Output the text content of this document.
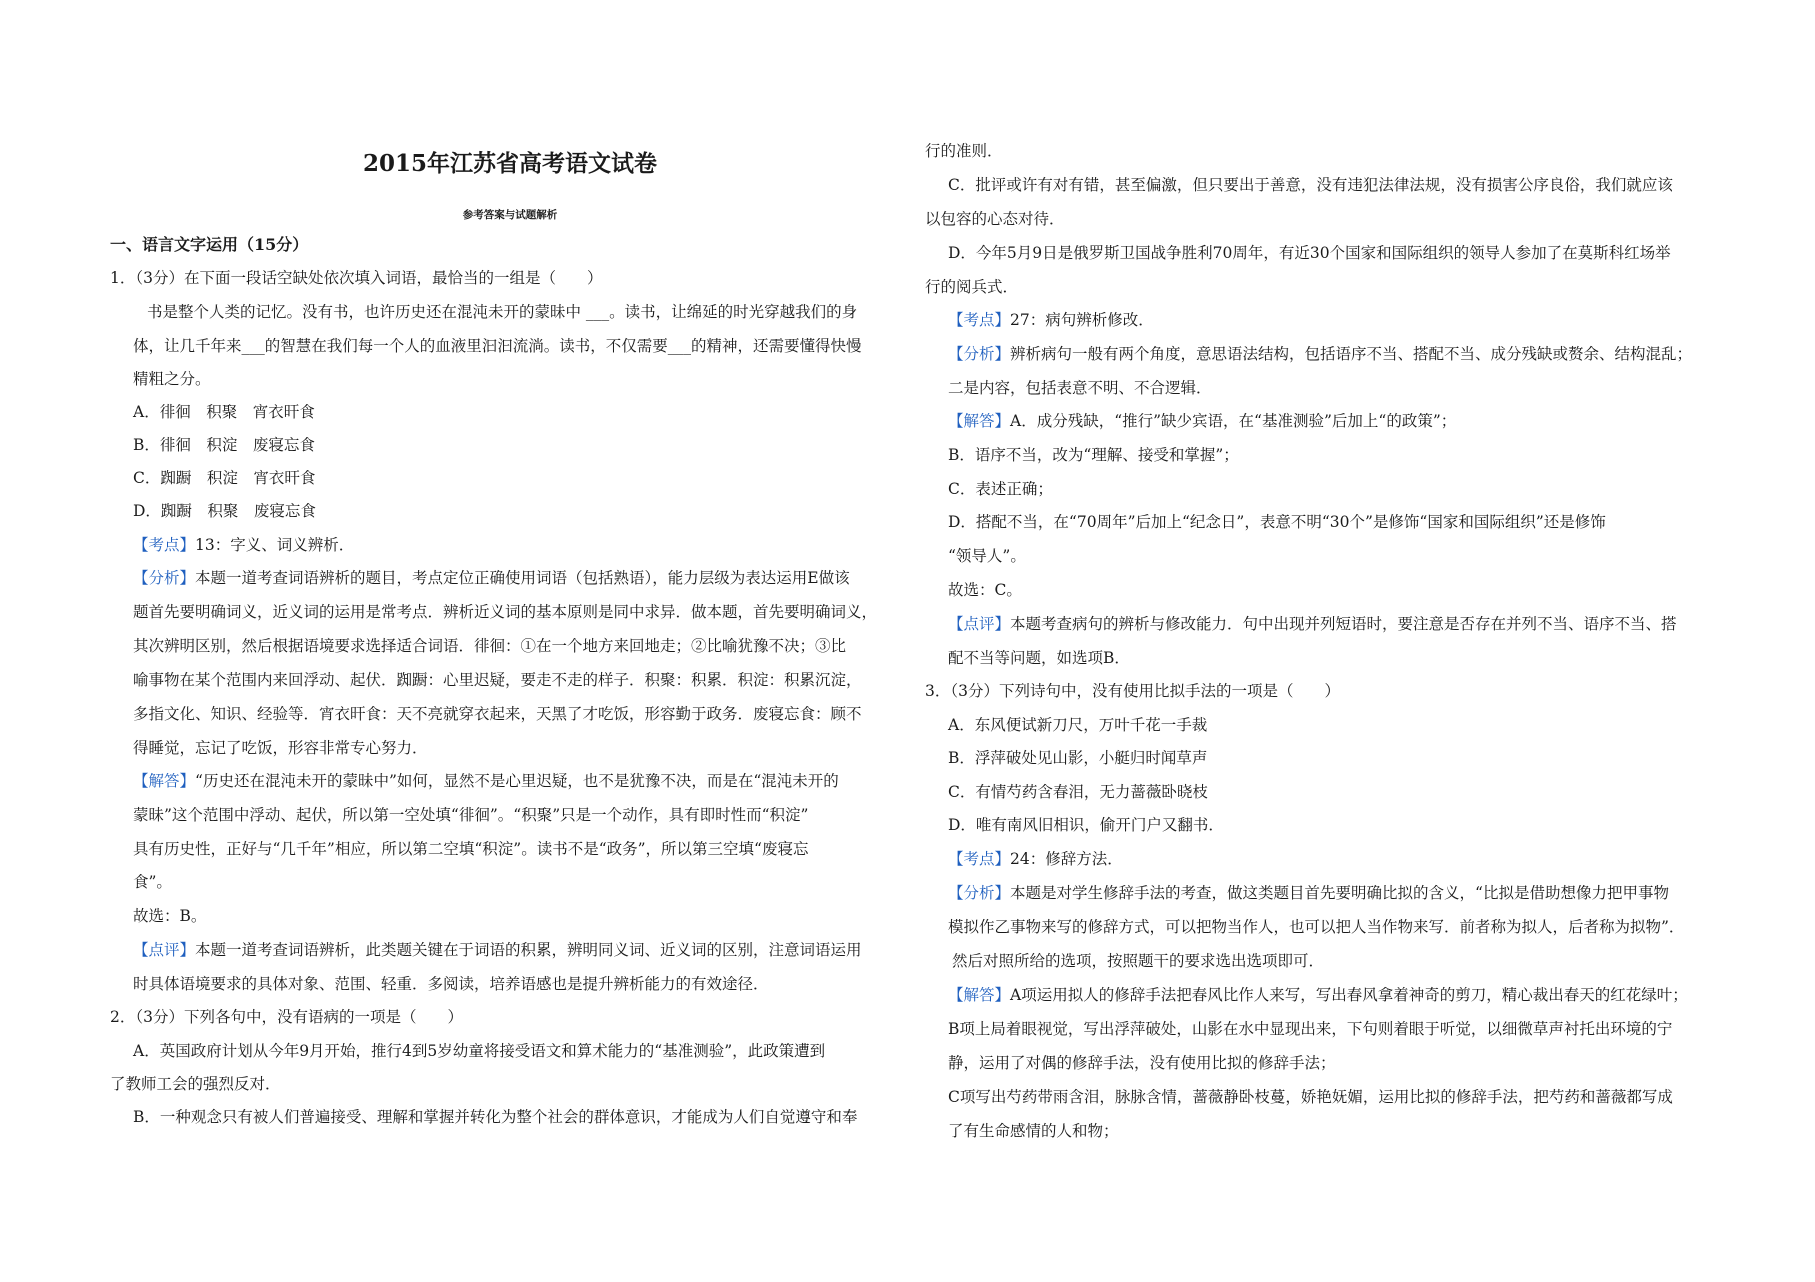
2015年江苏省高考语文试卷
参考答案与试题解析
一、语言文字运用（15分）
1．（3分）在下面一段话空缺处依次填入词语，最恰当的一组是（　　）
书是整个人类的记忆。没有书，也许历史还在混沌未开的蒙昧中 ___。读书，让绵延的时光穿越我们的身
体，让几千年来___的智慧在我们每一个人的血液里汩汩流淌。读书，不仅需要___的精神，还需要懂得快慢
精粗之分。
A．徘徊　积聚　宵衣旰食
B．徘徊　积淀　废寝忘食
C．踟蹰　积淀　宵衣旰食
D．踟蹰　积聚　废寝忘食
【考点】13：字义、词义辨析．
【分析】本题一道考查词语辨析的题目，考点定位正确使用词语（包括熟语），能力层级为表达运用E做该
题首先要明确词义，近义词的运用是常考点．辨析近义词的基本原则是同中求异．做本题，首先要明确词义，
其次辨明区别，然后根据语境要求选择适合词语．徘徊：①在一个地方来回地走；②比喻犹豫不决；③比
喻事物在某个范围内来回浮动、起伏．踟蹰：心里迟疑，要走不走的样子．积聚：积累．积淀：积累沉淀，
多指文化、知识、经验等．宵衣旰食：天不亮就穿衣起来，天黑了才吃饭，形容勤于政务．废寝忘食：顾不
得睡觉，忘记了吃饭，形容非常专心努力．
【解答】“历史还在混沌未开的蒙昧中”如何，显然不是心里迟疑，也不是犹豫不决，而是在“混沌未开的
蒙昧”这个范围中浮动、起伏，所以第一空处填“徘徊”。“积聚”只是一个动作，具有即时性而“积淀”
具有历史性，正好与“几千年”相应，所以第二空填“积淀”。读书不是“政务”，所以第三空填“废寝忘
食”。
故选：B。
【点评】本题一道考查词语辨析，此类题关键在于词语的积累，辨明同义词、近义词的区别，注意词语运用
时具体语境要求的具体对象、范围、轻重．多阅读，培养语感也是提升辨析能力的有效途径．
2．（3分）下列各句中，没有语病的一项是（　　）
A．英国政府计划从今年9月开始，推行4到5岁幼童将接受语文和算术能力的“基准测验”，此政策遭到
了教师工会的强烈反对．
B．一种观念只有被人们普遍接受、理解和掌握并转化为整个社会的群体意识，才能成为人们自觉遵守和奉
行的准则．
C．批评或许有对有错，甚至偏激，但只要出于善意，没有违犯法律法规，没有损害公序良俗，我们就应该
以包容的心态对待．
D．今年5月9日是俄罗斯卫国战争胜利70周年，有近30个国家和国际组织的领导人参加了在莫斯科红场举
行的阅兵式．
【考点】27：病句辨析修改．
【分析】辨析病句一般有两个角度，意思语法结构，包括语序不当、搭配不当、成分残缺或赘余、结构混乱；
二是内容，包括表意不明、不合逻辑．
【解答】A．成分残缺，“推行”缺少宾语，在“基准测验”后加上“的政策”；
B．语序不当，改为“理解、接受和掌握”；
C．表述正确；
D．搭配不当，在“70周年”后加上“纪念日”，表意不明“30个”是修饰“国家和国际组织”还是修饰
“领导人”。
故选：C。
【点评】本题考查病句的辨析与修改能力．句中出现并列短语时，要注意是否存在并列不当、语序不当、搭
配不当等问题，如选项B．
3．（3分）下列诗句中，没有使用比拟手法的一项是（　　）
A．东风便试新刀尺，万叶千花一手裁
B．浮萍破处见山影，小艇归时闻草声
C．有情芍药含春泪，无力蔷薇卧晓枝
D．唯有南风旧相识，偷开门户又翻书．
【考点】24：修辞方法．
【分析】本题是对学生修辞手法的考查，做这类题目首先要明确比拟的含义，“比拟是借助想像力把甲事物
模拟作乙事物来写的修辞方式，可以把物当作人，也可以把人当作物来写．前者称为拟人，后者称为拟物”．
然后对照所给的选项，按照题干的要求选出选项即可．
【解答】A项运用拟人的修辞手法把春风比作人来写，写出春风拿着神奇的剪刀，精心裁出春天的红花绿叶；
B项上局着眼视觉，写出浮萍破处，山影在水中显现出来，下句则着眼于听觉，以细微草声衬托出环境的宁
静，运用了对偶的修辞手法，没有使用比拟的修辞手法；
C项写出芍药带雨含泪，脉脉含情，蔷薇静卧枝蔓，娇艳妩媚，运用比拟的修辞手法，把芍药和蔷薇都写成
了有生命感情的人和物；
